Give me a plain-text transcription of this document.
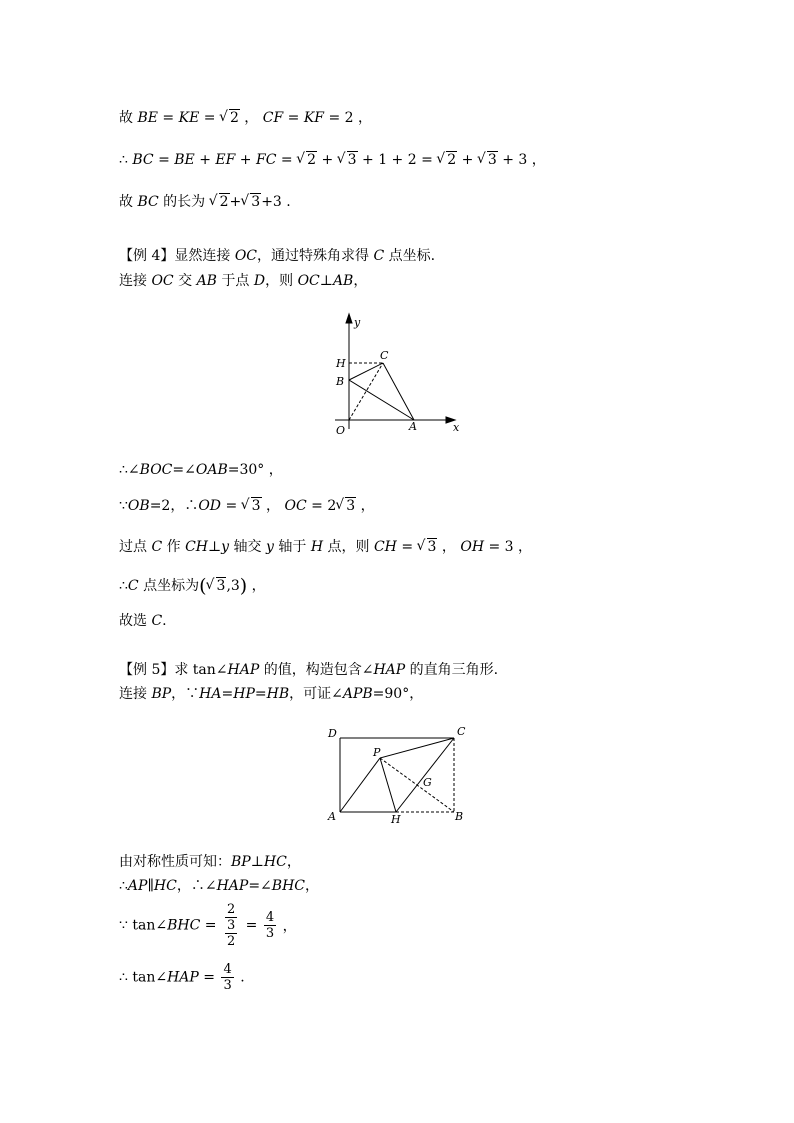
故 BE = KE = √ 2 ， CF = KF = 2 ，
∴ BC = BE + EF + FC = √ 2 + √ 3 + 1 + 2 = √ 2 + √ 3 + 3 ，
故 BC 的长为 √ 2+ √ 3+3 .
【例 4】显然连接 OC，通过特殊角求得 C 点坐标.
连接 OC 交 AB 于点 D，则 OC⊥AB，
y
x
H
C
B
O	A
∴∠BOC=∠OAB=30° ，
∵OB=2，∴OD = √ 3 ， OC = 2 √ 3 ，
过点 C 作 CH⊥y 轴交 y 轴于 H 点，则 CH = √ 3 ， OH = 3 ，
∴C 点坐标为( √ 3,3) ，
故选 C.
【例 5】求 tan∠HAP 的值，构造包含∠HAP 的直角三角形.
连接 BP，∵HA=HP=HB，可证∠APB=90°，
D	C
P
G
A	H	B
由对称性质可知：BP⊥HC，
∴AP∥HC，∴∠HAP=∠BHC，
∵ tan∠BHC = $\frac{\frac{2}{3}}{2} = \frac{4}{3}$ ，
∴ tan∠HAP = $\frac{4}{3}$ .
